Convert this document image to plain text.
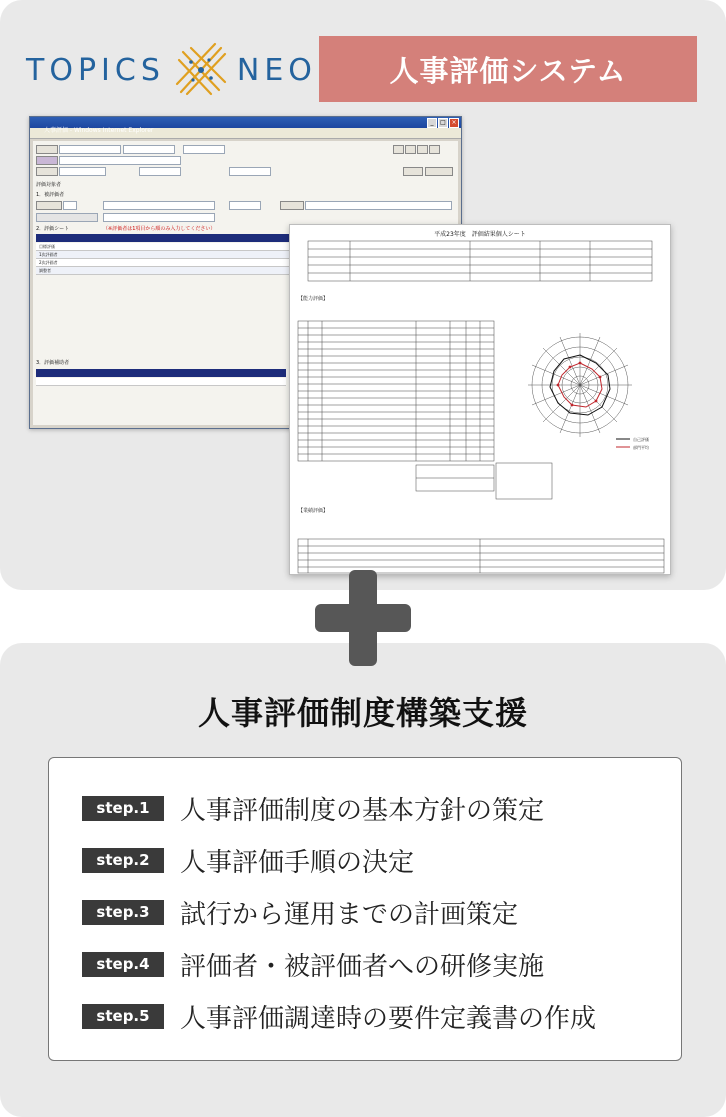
TOPICS NEO	人事評価システム
人事評価 - Windows Internet Explorer
_	□ ×
評価対象者
1．被評価者
2．評価シート	（※評価者は1項目から順のみ入力してください）
目標評価
1次評価者
2次評価者
調整者
3．評価補助者
平成23年度　評価結果個人シート
【能力評価】
【業績評価】
自己評価
部門平均
人事評価制度構築支援
step.1	人事評価制度の基本方針の策定
step.2	人事評価手順の決定
step.3	試行から運用までの計画策定
step.4	評価者・被評価者への研修実施
step.5	人事評価調達時の要件定義書の作成
